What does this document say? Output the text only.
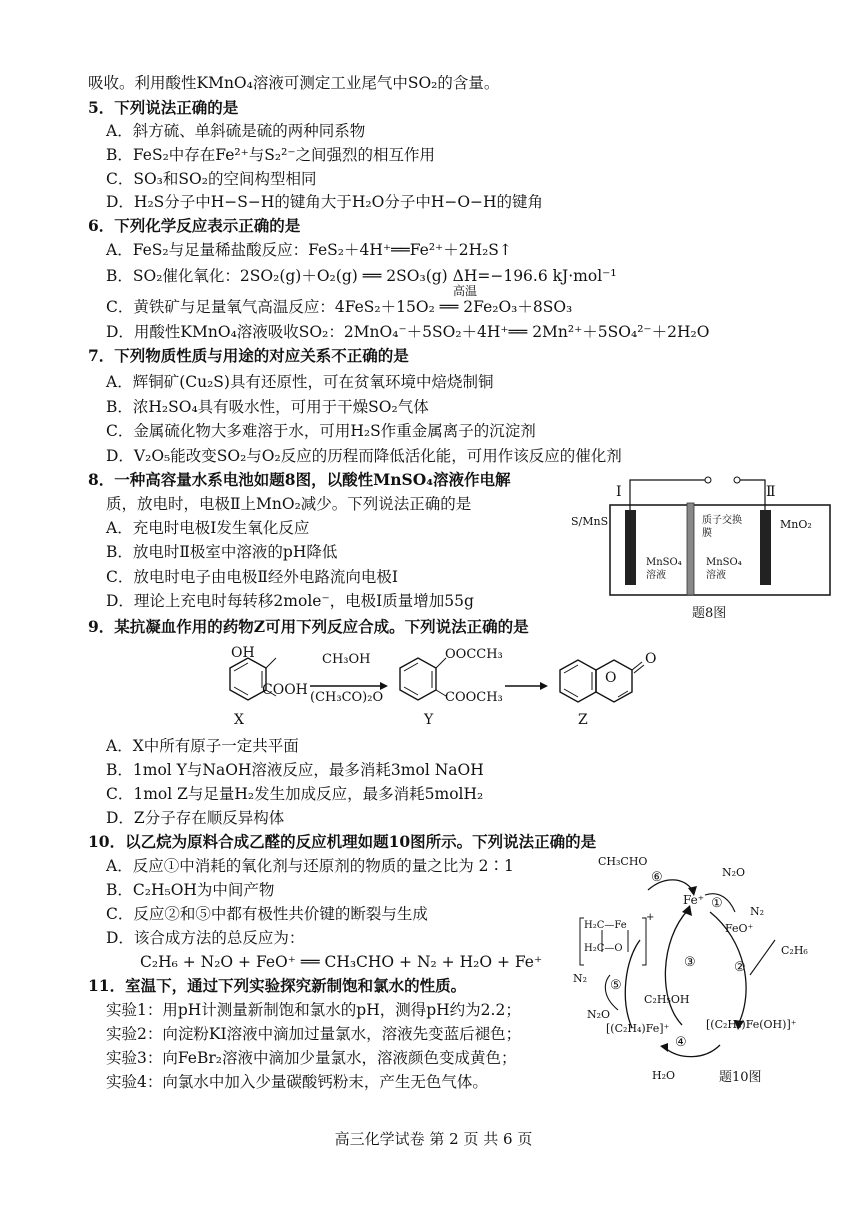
吸收。利用酸性KMnO₄溶液可测定工业尾气中SO₂的含量。
5．下列说法正确的是
A．斜方硫、单斜硫是硫的两种同系物
B．FeS₂中存在Fe²⁺与S₂²⁻之间强烈的相互作用
C．SO₃和SO₂的空间构型相同
D．H₂S分子中H−S−H的键角大于H₂O分子中H−O−H的键角
6．下列化学反应表示正确的是
A．FeS₂与足量稀盐酸反应：FeS₂＋4H⁺══Fe²⁺＋2H₂S↑
B．SO₂催化氧化：2SO₂(g)＋O₂(g) ══ 2SO₃(g) ΔH=−196.6 kJ·mol⁻¹
高温
C．黄铁矿与足量氧气高温反应：4FeS₂＋15O₂ ══ 2Fe₂O₃＋8SO₃
D．用酸性KMnO₄溶液吸收SO₂：2MnO₄⁻＋5SO₂＋4H⁺══ 2Mn²⁺＋5SO₄²⁻＋2H₂O
7．下列物质性质与用途的对应关系不正确的是
A．辉铜矿(Cu₂S)具有还原性，可在贫氧环境中焙烧制铜
B．浓H₂SO₄具有吸水性，可用于干燥SO₂气体
C．金属硫化物大多难溶于水，可用H₂S作重金属离子的沉淀剂
D．V₂O₅能改变SO₂与O₂反应的历程而降低活化能，可用作该反应的催化剂
8．一种高容量水系电池如题8图，以酸性MnSO₄溶液作电解
质，放电时，电极Ⅱ上MnO₂减少。下列说法正确的是
A．充电时电极Ⅰ发生氧化反应
B．放电时Ⅱ极室中溶液的pH降低
C．放电时电子由电极Ⅱ经外电路流向电极Ⅰ
D．理论上充电时每转移2mole⁻，电极Ⅰ质量增加55g
Ⅰ	Ⅱ
S/MnS	MnO₂
质子交换膜
MnSO₄溶液
MnSO₄溶液
题8图
9．某抗凝血作用的药物Z可用下列反应合成。下列说法正确的是
OH
COOH
CH₃OH
(CH₃CO)₂O
OOCCH₃
COOCH₃
O
O
X	Y	Z
A．X中所有原子一定共平面
B．1mol Y与NaOH溶液反应，最多消耗3mol NaOH
C．1mol Z与足量H₂发生加成反应，最多消耗5molH₂
D．Z分子存在顺反异构体
10．以乙烷为原料合成乙醛的反应机理如题10图所示。下列说法正确的是
A．反应①中消耗的氧化剂与还原剂的物质的量之比为 2∶1
B．C₂H₅OH为中间产物
C．反应②和⑤中都有极性共价键的断裂与生成
D．该合成方法的总反应为：
C₂H₆ + N₂O + FeO⁺ ══ CH₃CHO + N₂ + H₂O + Fe⁺
11．室温下，通过下列实验探究新制饱和氯水的性质。
实验1：用pH计测量新制饱和氯水的pH，测得pH约为2.2；
实验2：向淀粉KI溶液中滴加过量氯水，溶液先变蓝后褪色；
实验3：向FeBr₂溶液中滴加少量氯水，溶液颜色变成黄色；
实验4：向氯水中加入少量碳酸钙粉末，产生无色气体。
CH₃CHO
Fe⁺
⑥	N₂O
①
N₂
FeO⁺
C₂H₆
H₂C—Fe
H₂C—O
+
③	②
N₂ ⑤
C₂H₅OH
N₂O
[(C₂H₄)Fe]⁺	[(C₂H₅)Fe(OH)]⁺
④
H₂O	题10图
高三化学试卷 第 2 页 共 6 页
